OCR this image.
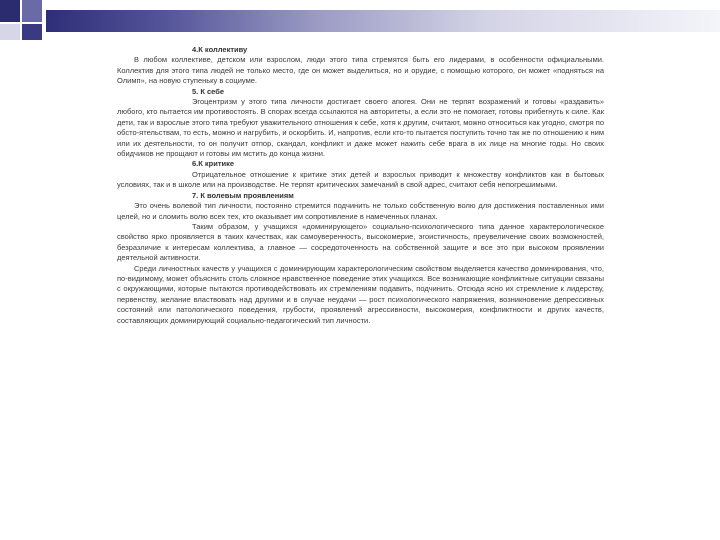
4.К коллективу

В любом коллективе, детском или взрослом, люди этого типа стремятся быть его лидерами, в особенности официальными. Коллектив для этого типа людей не только место, где он может выделиться, но и орудие, с помощью которого, он может «подняться на Олимп», на новую ступеньку в социуме.

5. К себе

Эгоцентризм у этого типа личности достигает своего апогея. Они не терпят возражений и готовы «раздавить» любого, кто пытается им противостоять. В спорах всегда ссылаются на авторитеты, а если это не помогает, готовы прибегнуть к силе. Как дети, так и взрослые этого типа требуют уважительного отношения к себе, хотя к другим, считают, можно относиться как угодно, смотря по обсто-ятельствам, то есть, можно и нагрубить, и оскорбить. И, напротив, если кто-то пытается поступить точно так же по отношению к ним или их деятельности, то он получит отпор, скандал, конфликт и даже может нажить себе врага в их лице на многие годы. Но своих обидчиков не прощают и готовы им мстить до конца жизни.

6.К критике

Отрицательное отношение к критике этих детей и взрослых приводит к множеству конфликтов как в бытовых условиях, так и в школе или на производстве. Не терпят критических замечаний в свой адрес, считают себя непогрешимыми.

7. К волевым проявлениям

Это очень волевой тип личности, постоянно стремится подчинить не только собственную волю для достижения поставленных ими целей, но и сломить волю всех тех, кто оказывает им сопротивление в намеченных планах.

Таким образом, у учащихся «доминирующего» социально-психологического типа данное характерологическое свойство ярко проявляется в таких качествах, как самоуверенность, высокомерие, эгоистичность, преувеличение своих возможностей, безразличие к интересам коллектива, а главное — сосредоточенность на собственной защите и все это при высоком проявлении деятельной активности.

Среди личностных качеств у учащихся с доминирующим характерологическим свойством выделяется качество доминирования, что, по-видимому, может объяснить столь сложное нравственное поведение этих учащихся. Все возникающие конфликтные ситуации связаны с окружающими, которые пытаются противодействовать их стремлениям подавить, подчинить. Отсюда ясно их стремление к лидерству, первенству, желание властвовать над другими и в случае неудачи — рост психологического напряжения, возникновение депрессивных состояний или патологического поведения, грубости, проявлений агрессивности, высокомерия, конфликтности и других качеств, составляющих доминирующий социально-педагогический тип личности.
